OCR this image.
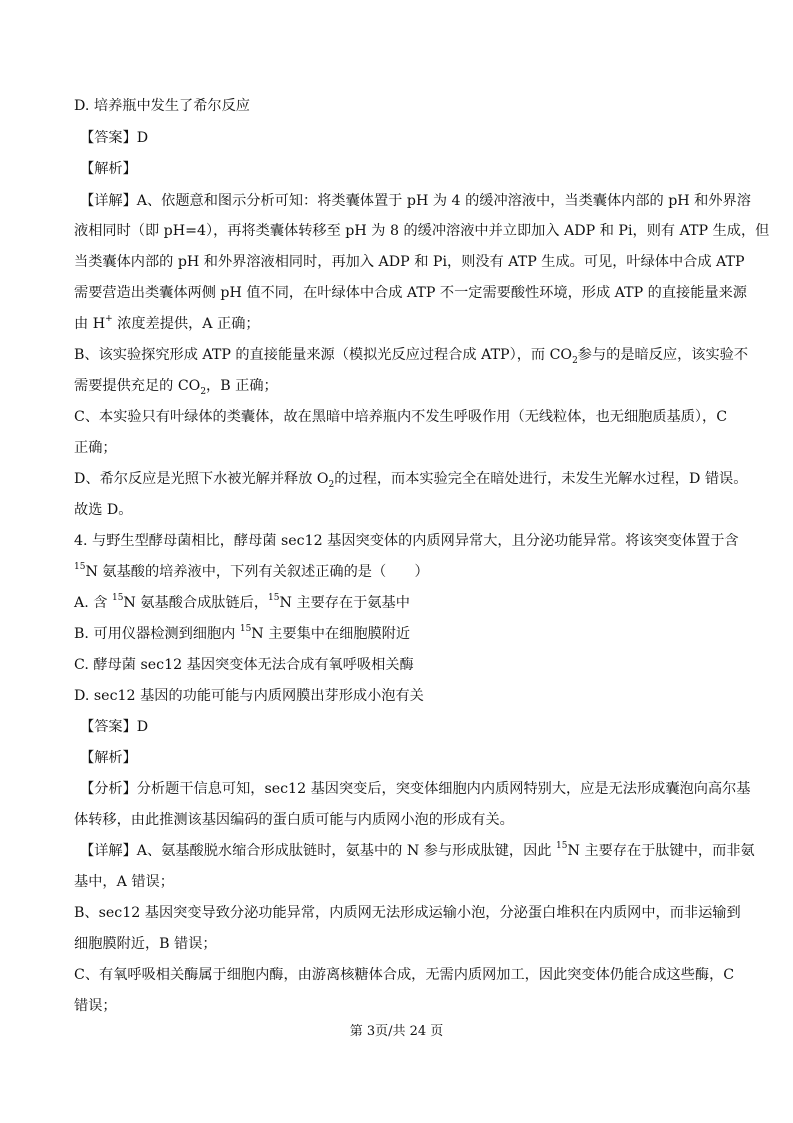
D. 培养瓶中发生了希尔反应
【答案】D
【解析】
【详解】A、依题意和图示分析可知：将类囊体置于 pH 为 4 的缓冲溶液中，当类囊体内部的 pH 和外界溶
液相同时（即 pH=4），再将类囊体转移至 pH 为 8 的缓冲溶液中并立即加入 ADP 和 Pi，则有 ATP 生成，但
当类囊体内部的 pH 和外界溶液相同时，再加入 ADP 和 Pi，则没有 ATP 生成。可见，叶绿体中合成 ATP
需要营造出类囊体两侧 pH 值不同，在叶绿体中合成 ATP 不一定需要酸性环境，形成 ATP 的直接能量来源
由 H+ 浓度差提供，A 正确；
B、该实验探究形成 ATP 的直接能量来源（模拟光反应过程合成 ATP），而 $CO_2$参与的是暗反应，该实验不
需要提供充足的 $CO_2$，B 正确；
C、本实验只有叶绿体的类囊体，故在黑暗中培养瓶内不发生呼吸作用（无线粒体，也无细胞质基质），C
正确；
D、希尔反应是光照下水被光解并释放 $O_2$的过程，而本实验完全在暗处进行，未发生光解水过程，D 错误。
故选 D。
4. 与野生型酵母菌相比，酵母菌 sec12 基因突变体的内质网异常大，且分泌功能异常。将该突变体置于含
$^{15}$N 氨基酸的培养液中，下列有关叙述正确的是（　　）
A. 含 $^{15}$N 氨基酸合成肽链后，$^{15}$N 主要存在于氨基中
B. 可用仪器检测到细胞内 $^{15}$N 主要集中在细胞膜附近
C. 酵母菌 sec12 基因突变体无法合成有氧呼吸相关酶
D. sec12 基因的功能可能与内质网膜出芽形成小泡有关
【答案】D
【解析】
【分析】分析题干信息可知，sec12 基因突变后，突变体细胞内内质网特别大，应是无法形成囊泡向高尔基
体转移，由此推测该基因编码的蛋白质可能与内质网小泡的形成有关。
【详解】A、氨基酸脱水缩合形成肽链时，氨基中的 N 参与形成肽键，因此 $^{15}$N 主要存在于肽键中，而非氨
基中，A 错误；
B、sec12 基因突变导致分泌功能异常，内质网无法形成运输小泡，分泌蛋白堆积在内质网中，而非运输到
细胞膜附近，B 错误；
C、有氧呼吸相关酶属于细胞内酶，由游离核糖体合成，无需内质网加工，因此突变体仍能合成这些酶，C
错误；
第 3页/共 24 页
